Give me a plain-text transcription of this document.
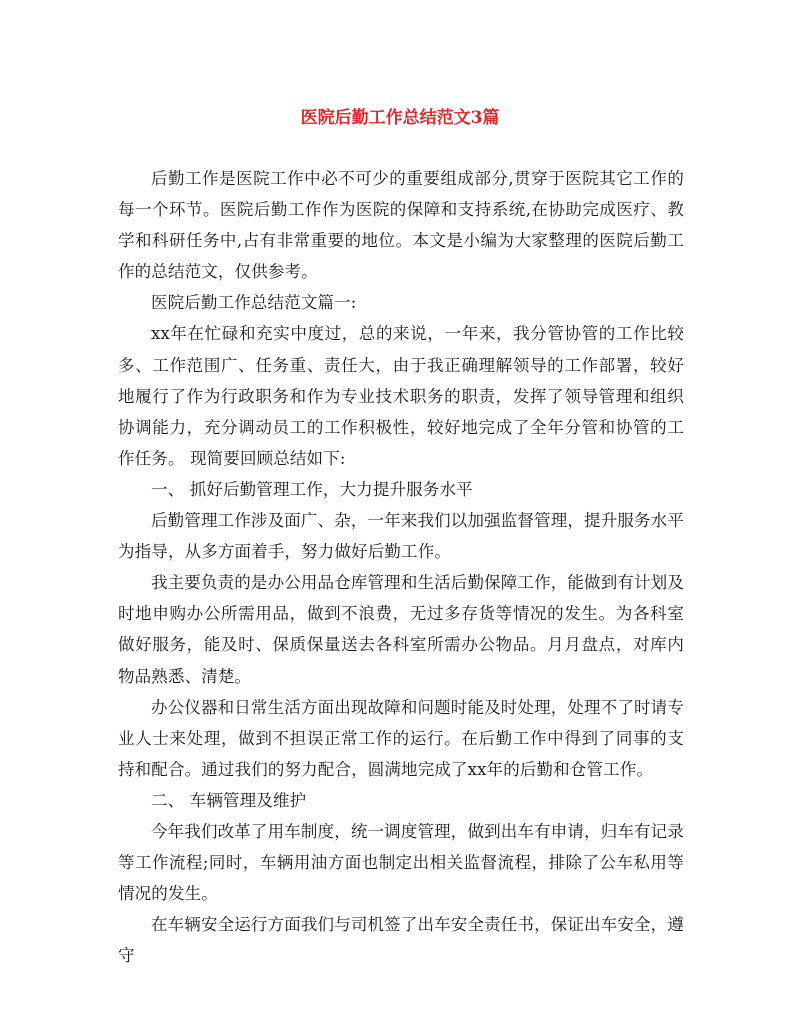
医院后勤工作总结范文3篇

后勤工作是医院工作中必不可少的重要组成部分,贯穿于医院其它工作的每一个环节。医院后勤工作作为医院的保障和支持系统,在协助完成医疗、教学和科研任务中,占有非常重要的地位。本文是小编为大家整理的医院后勤工作的总结范文，仅供参考。

医院后勤工作总结范文篇一:

xx年在忙碌和充实中度过，总的来说，一年来，我分管协管的工作比较多、工作范围广、任务重、责任大，由于我正确理解领导的工作部署，较好地履行了作为行政职务和作为专业技术职务的职责，发挥了领导管理和组织协调能力，充分调动员工的工作积极性，较好地完成了全年分管和协管的工作任务。 现简要回顾总结如下:

一、 抓好后勤管理工作，大力提升服务水平

后勤管理工作涉及面广、杂，一年来我们以加强监督管理，提升服务水平为指导，从多方面着手，努力做好后勤工作。

我主要负责的是办公用品仓库管理和生活后勤保障工作，能做到有计划及时地申购办公所需用品，做到不浪费，无过多存货等情况的发生。为各科室做好服务，能及时、保质保量送去各科室所需办公物品。月月盘点，对库内物品熟悉、清楚。

办公仪器和日常生活方面出现故障和问题时能及时处理，处理不了时请专业人士来处理，做到不担误正常工作的运行。在后勤工作中得到了同事的支持和配合。通过我们的努力配合，圆满地完成了xx年的后勤和仓管工作。

二、 车辆管理及维护

今年我们改革了用车制度，统一调度管理，做到出车有申请，归车有记录等工作流程;同时，车辆用油方面也制定出相关监督流程，排除了公车私用等情况的发生。

在车辆安全运行方面我们与司机签了出车安全责任书，保证出车安全，遵守
